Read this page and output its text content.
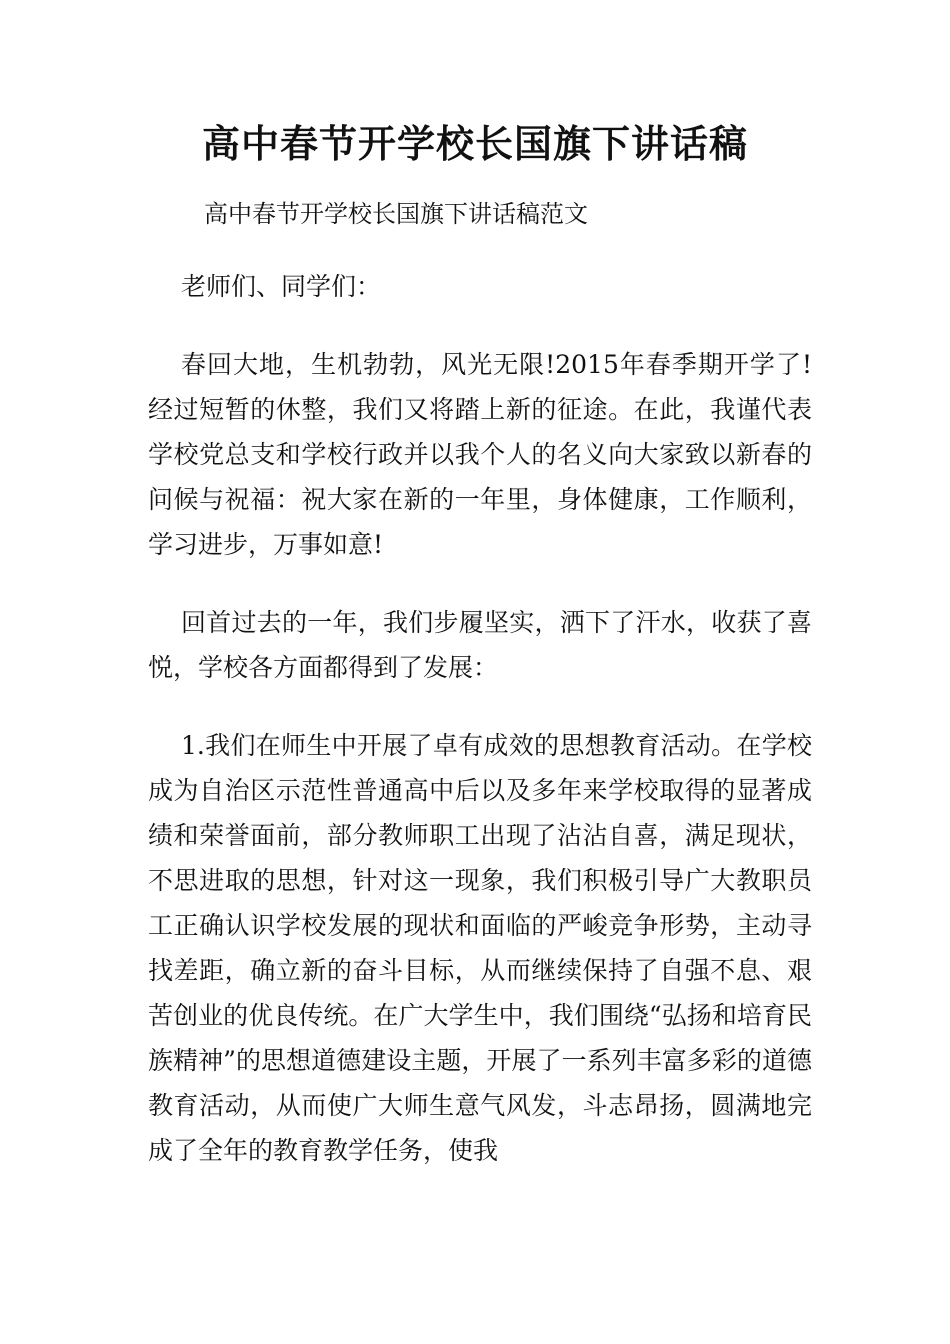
高中春节开学校长国旗下讲话稿

高中春节开学校长国旗下讲话稿范文

老师们、同学们：

春回大地，生机勃勃，风光无限!2015年春季期开学了!经过短暂的休整，我们又将踏上新的征途。在此，我谨代表学校党总支和学校行政并以我个人的名义向大家致以新春的问候与祝福：祝大家在新的一年里，身体健康，工作顺利，学习进步，万事如意!

回首过去的一年，我们步履坚实，洒下了汗水，收获了喜悦，学校各方面都得到了发展：

1.我们在师生中开展了卓有成效的思想教育活动。在学校成为自治区示范性普通高中后以及多年来学校取得的显著成绩和荣誉面前，部分教师职工出现了沾沾自喜，满足现状，不思进取的思想，针对这一现象，我们积极引导广大教职员工正确认识学校发展的现状和面临的严峻竞争形势，主动寻找差距，确立新的奋斗目标，从而继续保持了自强不息、艰苦创业的优良传统。在广大学生中，我们围绕“弘扬和培育民族精神”的思想道德建设主题，开展了一系列丰富多彩的道德教育活动，从而使广大师生意气风发，斗志昂扬，圆满地完成了全年的教育教学任务，使我
